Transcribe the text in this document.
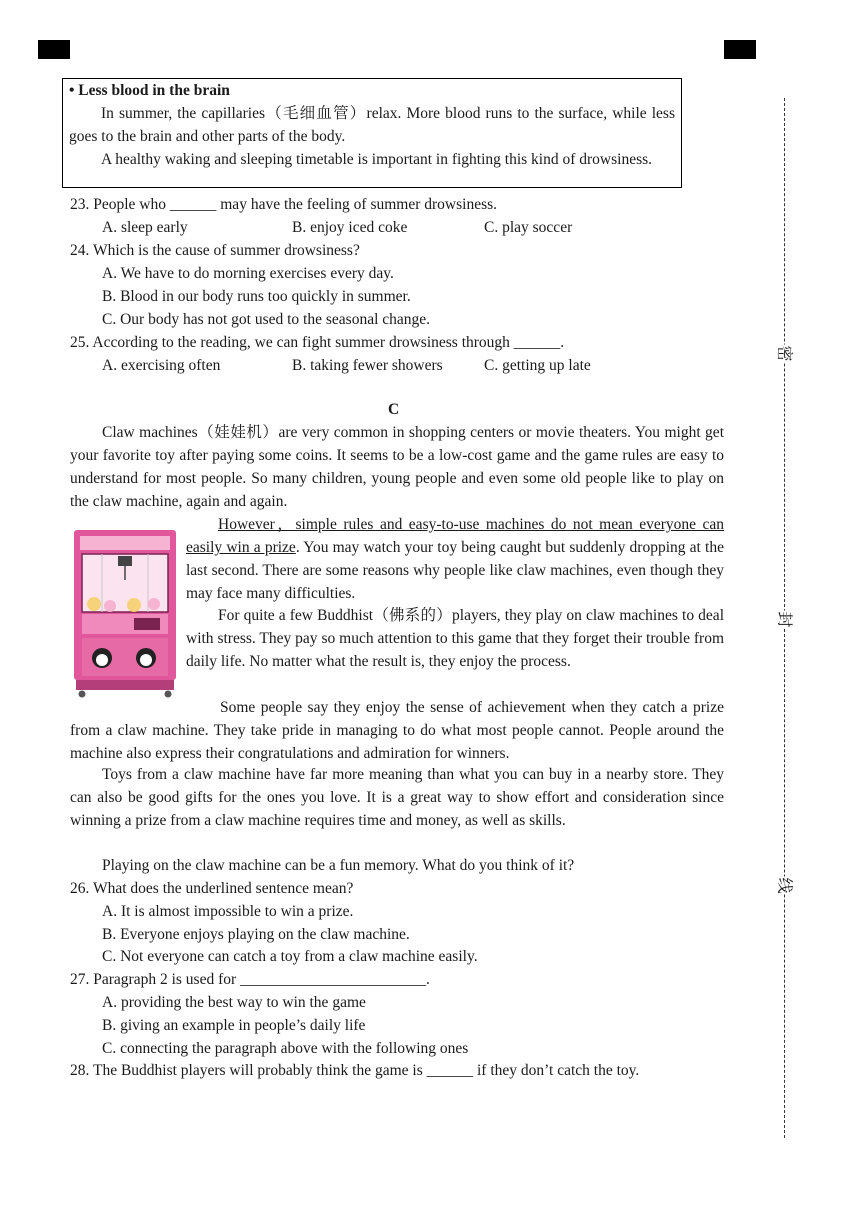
• Less blood in the brain

In summer, the capillaries（毛细血管）relax. More blood runs to the surface, while less goes to the brain and other parts of the body.

A healthy waking and sleeping timetable is important in fighting this kind of drowsiness.

23. People who ______ may have the feeling of summer drowsiness.
A. sleep early	B. enjoy iced coke	C. play soccer
24. Which is the cause of summer drowsiness?
A. We have to do morning exercises every day.
B. Blood in our body runs too quickly in summer.
C. Our body has not got used to the seasonal change.
25. According to the reading, we can fight summer drowsiness through ______.
A. exercising often	B. taking fewer showers	C. getting up late
C

Claw machines（娃娃机）are very common in shopping centers or movie theaters. You might get your favorite toy after paying some coins. It seems to be a low-cost game and the game rules are easy to understand for most people. So many children, young people and even some old people like to play on the claw machine, again and again.

However，simple rules and easy-to-use machines do not mean everyone can easily win a prize. You may watch your toy being caught but suddenly dropping at the last second. There are some reasons why people like claw machines, even though they may face many difficulties.

For quite a few Buddhist（佛系的）players, they play on claw machines to deal with stress. They pay so much attention to this game that they forget their trouble from daily life. No matter what the result is, they enjoy the process.

Some people say they enjoy the sense of achievement when they catch a prize from a claw machine. They take pride in managing to do what most people cannot. People around the machine also express their congratulations and admiration for winners.

Toys from a claw machine have far more meaning than what you can buy in a nearby store. They can also be good gifts for the ones you love. It is a great way to show effort and consideration since winning a prize from a claw machine requires time and money, as well as skills.

Playing on the claw machine can be a fun memory. What do you think of it?

26. What does the underlined sentence mean?
A. It is almost impossible to win a prize.
B. Everyone enjoys playing on the claw machine.
C. Not everyone can catch a toy from a claw machine easily.
27. Paragraph 2 is used for ________________________.
A. providing the best way to win the game
B. giving an example in people’s daily life
C. connecting the paragraph above with the following ones
28. The Buddhist players will probably think the game is ______ if they don’t catch the toy.
密
封
线
